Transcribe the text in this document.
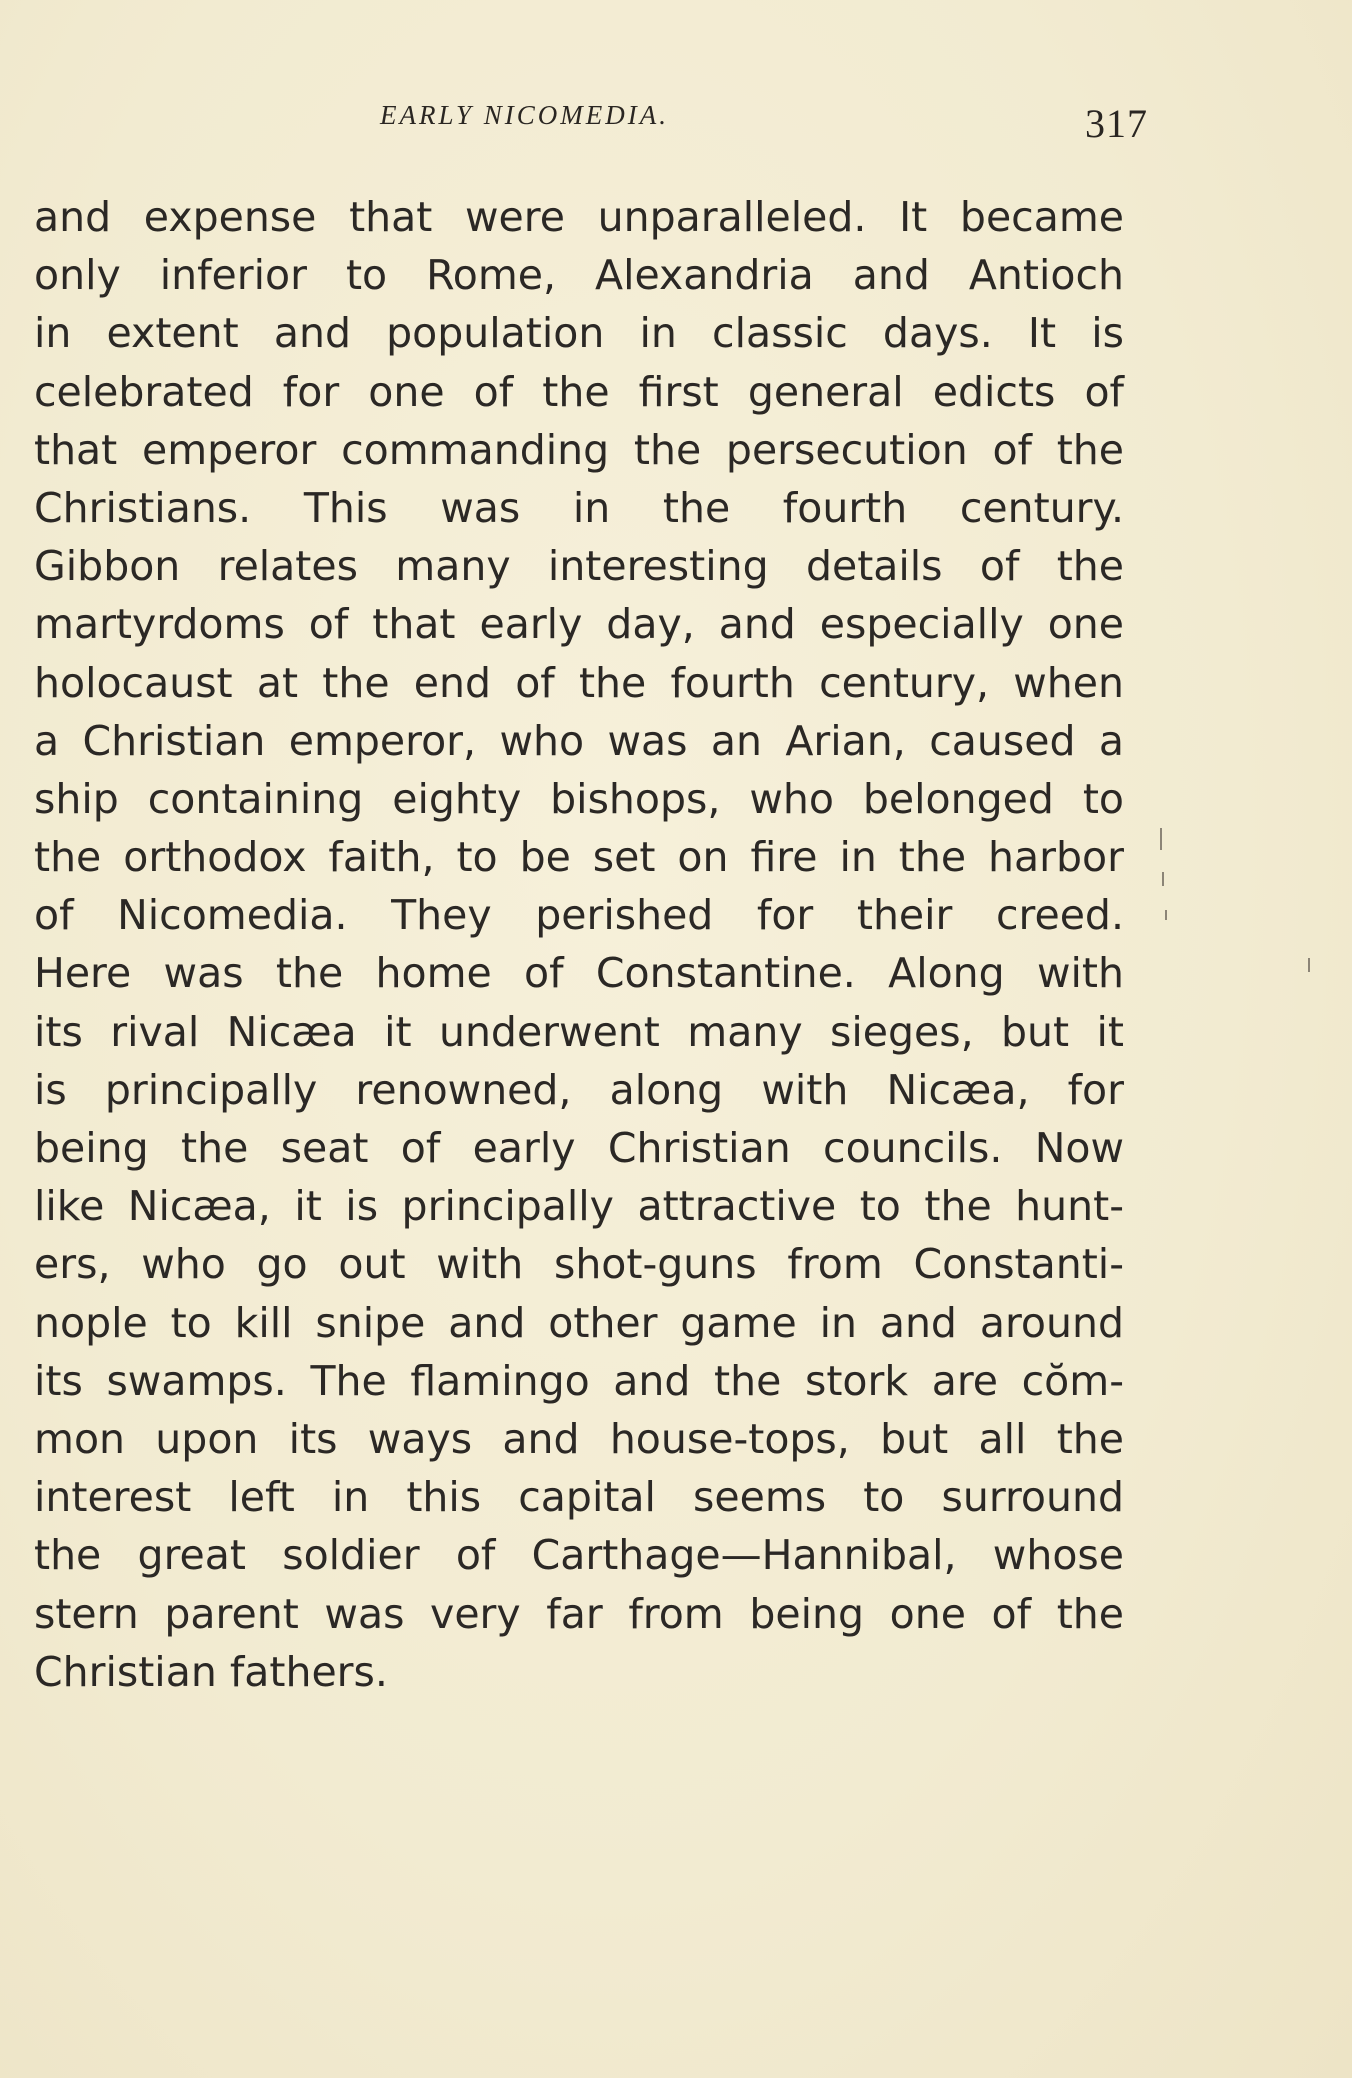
EARLY NICOMEDIA.	317
and expense that were unparalleled. It became
only inferior to Rome, Alexandria and Antioch
in extent and population in classic days. It is
celebrated for one of the first general edicts of
that emperor commanding the persecution of the
Christians. This was in the fourth century.
Gibbon relates many interesting details of the
martyrdoms of that early day, and especially one
holocaust at the end of the fourth century, when
a Christian emperor, who was an Arian, caused a
ship containing eighty bishops, who belonged to
the orthodox faith, to be set on fire in the harbor
of Nicomedia. They perished for their creed.
Here was the home of Constantine. Along with
its rival Nicæa it underwent many sieges, but it
is principally renowned, along with Nicæa, for
being the seat of early Christian councils. Now
like Nicæa, it is principally attractive to the hunt-
ers, who go out with shot-guns from Constanti-
nople to kill snipe and other game in and around
its swamps. The flamingo and the stork are cŏm-
mon upon its ways and house-tops, but all the
interest left in this capital seems to surround
the great soldier of Carthage—Hannibal, whose
stern parent was very far from being one of the
Christian fathers.
